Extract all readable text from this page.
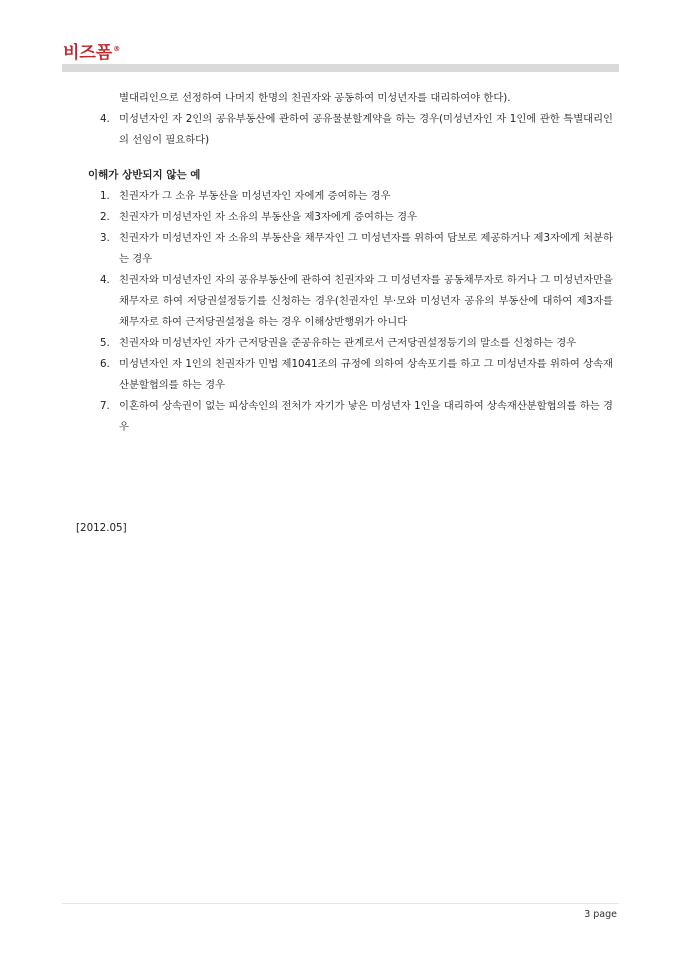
비즈폼®
별대리인으로 선정하여 나머지 한명의 친권자와 공동하여 미성년자를 대리하여야 한다).
4. 미성년자인 자 2인의 공유부동산에 관하여 공유물분할계약을 하는 경우(미성년자인 자 1인에 관한 특별대리인의 선임이 필요하다)
이해가 상반되지 않는 예
1. 친권자가 그 소유 부동산을 미성년자인 자에게 증여하는 경우
2. 친권자가 미성년자인 자 소유의 부동산을 제3자에게 증여하는 경우
3. 친권자가 미성년자인 자 소유의 부동산을 채무자인 그 미성년자를 위하여 담보로 제공하거나 제3자에게 처분하는 경우
4. 친권자와 미성년자인 자의 공유부동산에 관하여 친권자와 그 미성년자를 공동채무자로 하거나 그 미성년자만을 채무자로 하여 저당권설정등기를 신청하는 경우(친권자인 부·모와 미성년자 공유의 부동산에 대하여 제3자를 채무자로 하여 근저당권설정을 하는 경우 이해상반행위가 아니다
5. 친권자와 미성년자인 자가 근저당권을 준공유하는 관계로서 근저당권설정등기의 말소를 신청하는 경우
6. 미성년자인 자 1인의 친권자가 민법 제1041조의 규정에 의하여 상속포기를 하고 그 미성년자를 위하여 상속재산분할협의를 하는 경우
7. 이혼하여 상속권이 없는 피상속인의 전처가 자기가 낳은 미성년자 1인을 대리하여 상속재산분할협의를 하는 경우
[2012.05]
3 page
